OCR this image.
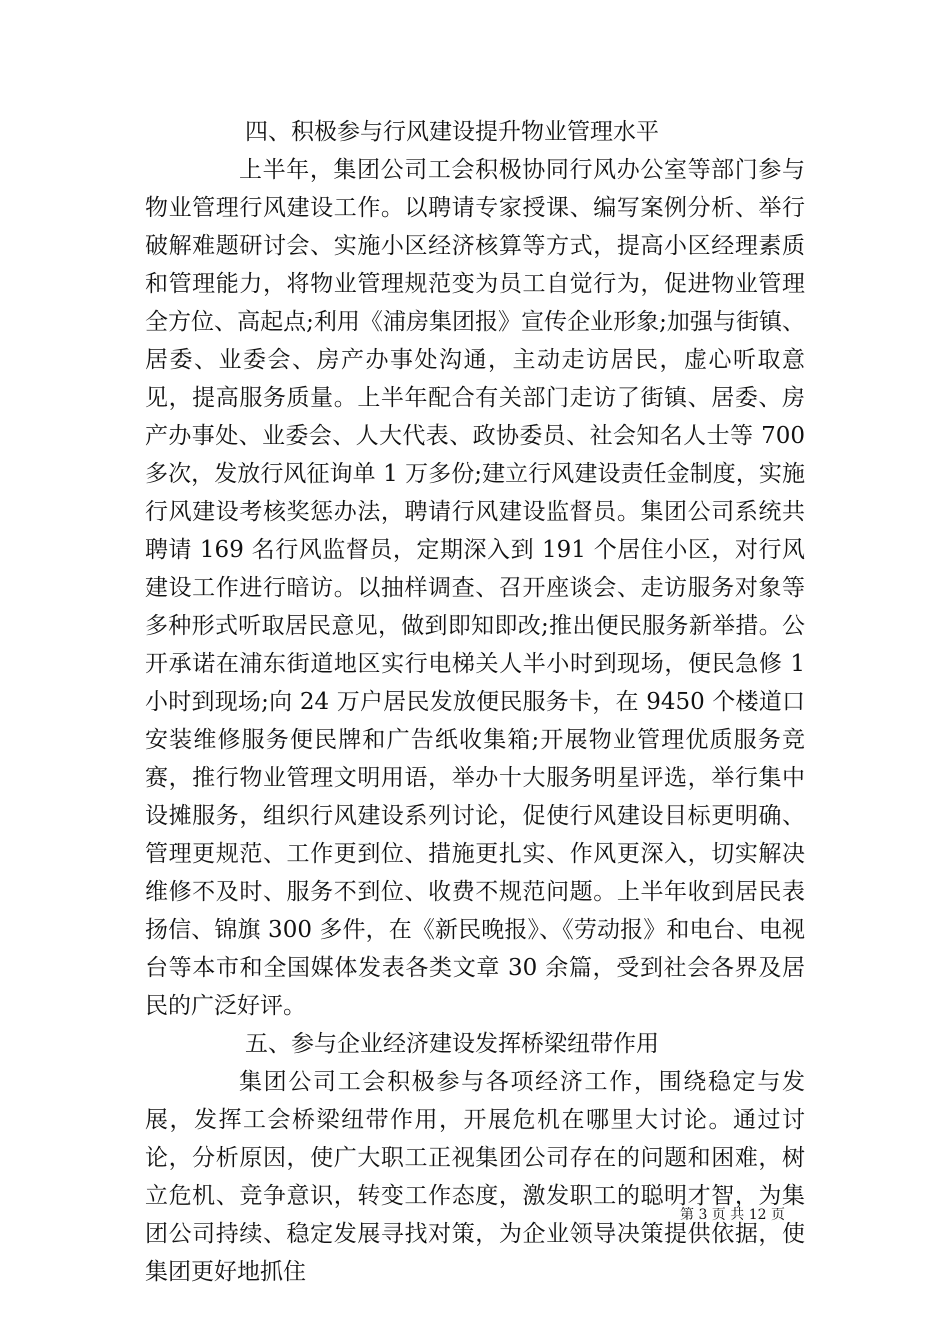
四、积极参与行风建设提升物业管理水平

上半年，集团公司工会积极协同行风办公室等部门参与物业管理行风建设工作。以聘请专家授课、编写案例分析、举行破解难题研讨会、实施小区经济核算等方式，提高小区经理素质和管理能力，将物业管理规范变为员工自觉行为，促进物业管理全方位、高起点;利用《浦房集团报》宣传企业形象;加强与街镇、居委、业委会、房产办事处沟通，主动走访居民，虚心听取意见，提高服务质量。上半年配合有关部门走访了街镇、居委、房产办事处、业委会、人大代表、政协委员、社会知名人士等 700 多次，发放行风征询单 1 万多份;建立行风建设责任金制度，实施行风建设考核奖惩办法，聘请行风建设监督员。集团公司系统共聘请 169 名行风监督员，定期深入到 191 个居住小区，对行风建设工作进行暗访。以抽样调查、召开座谈会、走访服务对象等多种形式听取居民意见，做到即知即改;推出便民服务新举措。公开承诺在浦东街道地区实行电梯关人半小时到现场，便民急修 1 小时到现场;向 24 万户居民发放便民服务卡，在 9450 个楼道口安装维修服务便民牌和广告纸收集箱;开展物业管理优质服务竞赛，推行物业管理文明用语，举办十大服务明星评选，举行集中设摊服务，组织行风建设系列讨论，促使行风建设目标更明确、管理更规范、工作更到位、措施更扎实、作风更深入，切实解决维修不及时、服务不到位、收费不规范问题。上半年收到居民表扬信、锦旗 300 多件，在《新民晚报》、《劳动报》和电台、电视台等本市和全国媒体发表各类文章 30 余篇，受到社会各界及居民的广泛好评。

五、参与企业经济建设发挥桥梁纽带作用

集团公司工会积极参与各项经济工作，围绕稳定与发展，发挥工会桥梁纽带作用，开展危机在哪里大讨论。通过讨论，分析原因，使广大职工正视集团公司存在的问题和困难，树立危机、竞争意识，转变工作态度，激发职工的聪明才智，为集团公司持续、稳定发展寻找对策，为企业领导决策提供依据，使集团更好地抓住

第 3 页 共 12 页
